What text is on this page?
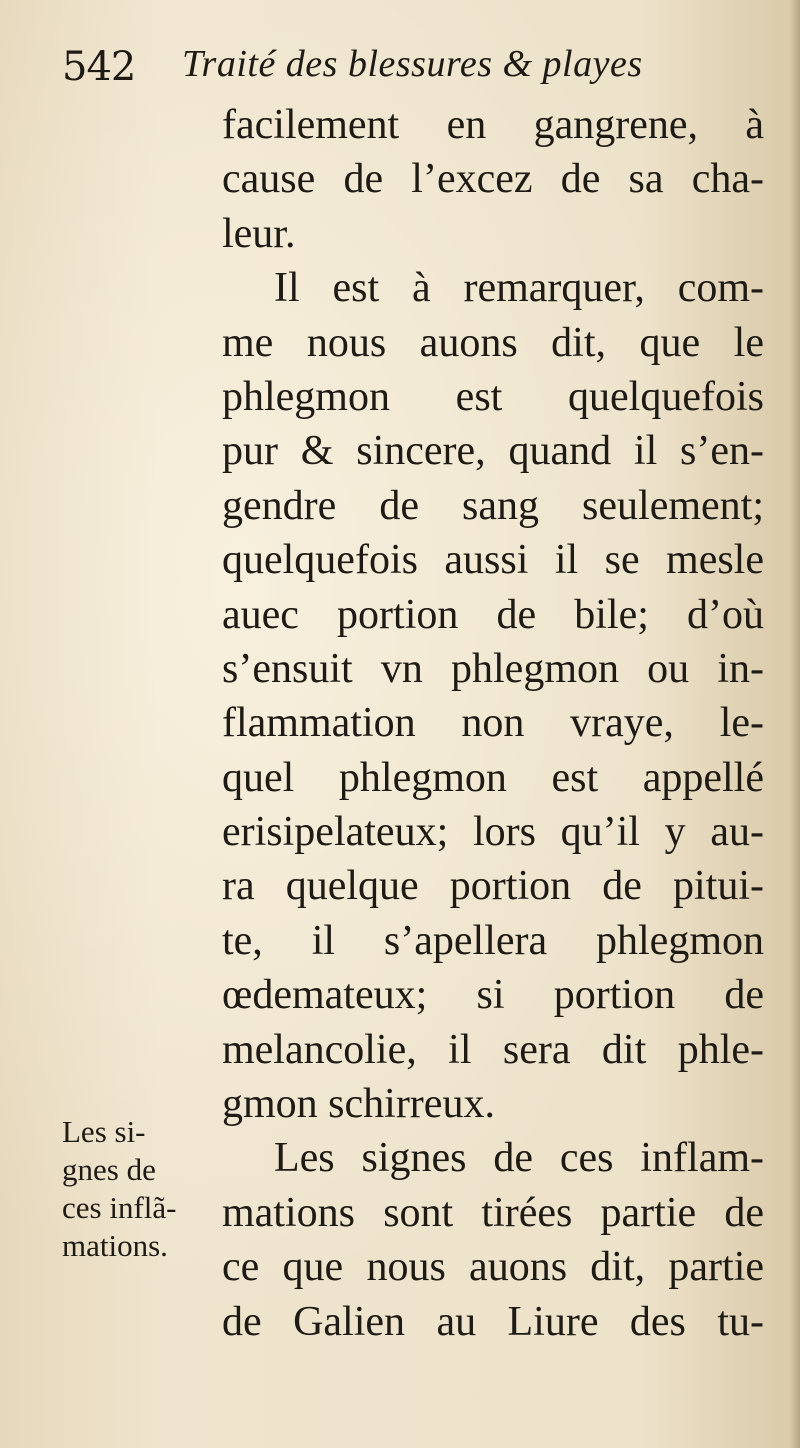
542 Traité des blessures & playes
facilement en gangrene, à
cause de l’excez de sa cha-
leur.
Il est à remarquer, com-
me nous auons dit, que le
phlegmon est quelquefois
pur & sincere, quand il s’en-
gendre de sang seulement;
quelquefois aussi il se mesle
auec portion de bile; d’où
s’ensuit vn phlegmon ou in-
flammation non vraye, le-
quel phlegmon est appellé
erisipelateux; lors qu’il y au-
ra quelque portion de pitui-
te, il s’apellera phlegmon
œdemateux; si portion de
melancolie, il sera dit phle-
gmon schirreux.
Les signes de ces inflam-
mations sont tirées partie de
ce que nous auons dit, partie
de Galien au Liure des tu-
Les si-
gnes de
ces inflã-
mations.
